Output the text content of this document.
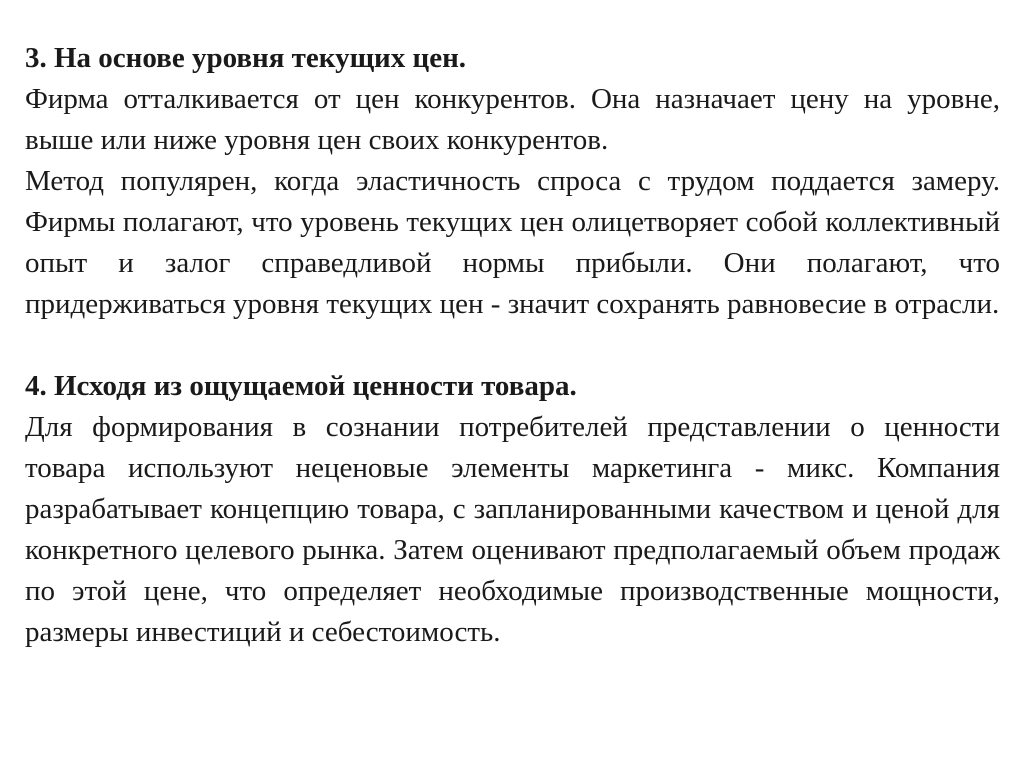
3. На основе уровня текущих цен.

Фирма отталкивается от цен конкурентов. Она назначает цену на уровне, выше или ниже уровня цен своих конкурентов.

Метод популярен, когда эластичность спроса с трудом поддается замеру. Фирмы полагают, что уровень текущих цен олицетворяет собой коллективный опыт и залог справедливой нормы прибыли. Они полагают, что придерживаться уровня текущих цен - значит сохранять равновесие в отрасли.

4. Исходя из ощущаемой ценности товара.

Для формирования в сознании потребителей представлении о ценности товара используют неценовые элементы маркетинга - микс. Компания разрабатывает концепцию товара, с запланированными качеством и ценой для конкретного целевого рынка. Затем оценивают предполагаемый объем продаж по этой цене, что определяет необходимые производственные мощности, размеры инвестиций и себестоимость.
